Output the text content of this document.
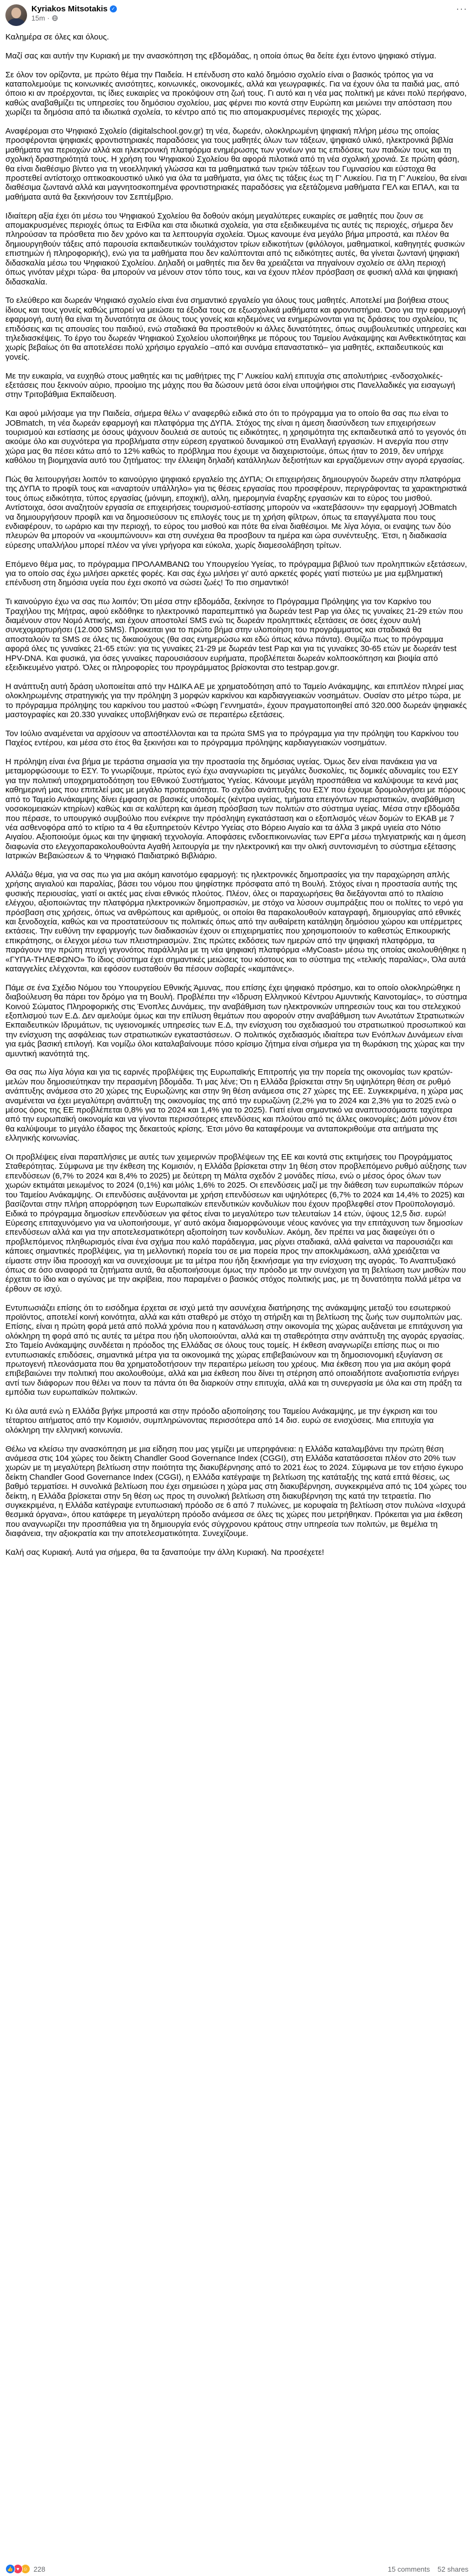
Kyriakos Mitsotakis ✓
15m ·
···

Καλημέρα σε όλες και όλους.

Μαζί σας και αυτήν την Κυριακή με την ανασκόπηση της εβδομάδας, η οποία όπως θα δείτε έχει έντονο ψηφιακό στίγμα.

Σε όλον τον ορίζοντα, με πρώτο θέμα την Παιδεία. Η επένδυση στο καλό δημόσιο σχολείο είναι ο βασικός τρόπος για να καταπολεμούμε τις κοινωνικές ανισότητες, κοινωνικές, οικονομικές, αλλά και γεωγραφικές. Για να έχουν όλα τα παιδιά μας, από όποιο κι αν προέρχονται, τις ίδιες ευκαιρίες να προκόψουν στη ζωή τους. Γι αυτό και η νέα μας πολιτική με κάνει πολύ περήφανο, καθώς αναβαθμίζει τις υπηρεσίες του δημόσιου σχολείου, μας φέρνει πιο κοντά στην Ευρώπη και μειώνει την απόσταση που χωρίζει τα δημόσια από τα ιδιωτικά σχολεία, το κέντρο από τις πιο απομακρυσμένες περιοχές της χώρας.

Αναφέρομαι στο Ψηφιακό Σχολείο (digitalschool.gov.gr) τη νέα, δωρεάν, ολοκληρωμένη ψηφιακή πλήρη μέσω της οποίας προσφέρονται ψηφιακές φροντιστηριακές παραδόσεις για τους μαθητές όλων των τάξεων, ψηφιακό υλικό, ηλεκτρονικά βιβλία μαθήματα για περιοχών αλλά και ηλεκτρονική πλατφόρμα ενημέρωσης των γονέων για τις επιδόσεις των παιδιών τους και τη σχολική δραστηριότητά τους. Η χρήση του Ψηφιακού Σχολείου θα αφορά πιλοτικά από τη νέα σχολική χρονιά. Σε πρώτη φάση, θα είναι διαθέσιμο βίντεο για τη νεοελληνική γλώσσα και τα μαθηματικά των τριών τάξεων του Γυμνασίου και εύστοχα θα προστεθεί αντίστοιχο οπτικοακουστικό υλικό για όλα τα μαθήματα, για όλες τις τάξεις έως τη Γ' Λυκείου. Για τη Γ' Λυκείου, θα είναι διαθέσιμα ζωντανά αλλά και μαγνητοσκοπημένα φροντιστηριακές παραδόσεις για εξετάζομενα μαθήματα ΓΕΛ και ΕΠΑΛ, και τα μαθήματα αυτά θα ξεκινήσουν τον Σεπτέμβριο.

Ιδιαίτερη αξία έχει ότι μέσω του Ψηφιακού Σχολείου θα δοθούν ακόμη μεγαλύτερες ευκαιρίες σε μαθητές που ζουν σε απομακρυσμένες περιοχές όπως τα ΕιΦίλα και στα ιδιωτικά σχολεία, για στα εξειδικευμένα τις αυτές τις περιοχές, σήμερα δεν πληρούσαν τα πρόσθετα πιο δεν χρόνο και τα λεπτουργία σχολεία. Όμως κανουμε ένα μεγάλο βήμα μπροστά, και πλέον θα δημιουργηθούν τάξεις από παρουσία εκπαιδευτικών τουλάχιστον τρίων ειδικοτήτων (φιλόλογοι, μαθηματικοί, καθηγητές φυσικών επιστημών ή πληροφορικής), ενώ για τα μαθήματα που δεν καλύπτονται από τις ειδικότητες αυτές, θα γίνεται ζωντανή ψηφιακή διδασκαλία μέσω του Ψηφιακού Σχολείου. Δηλαδή οι μαθητές πια δεν θα χρειάζεται να πηγαίνουν σχολείο σε άλλη περιοχή όπως γινόταν μέχρι τώρα· θα μπορούν να μένουν στον τόπο τους, και να έχουν πλέον πρόσβαση σε φυσική αλλά και ψηφιακή διδασκαλία.

Το ελεύθερο και δωρεάν Ψηφιακό σχολείο είναι ένα σημαντικό εργαλείο για όλους τους μαθητές. Αποτελεί μια βοήθεια στους ίδιους και τους γονείς καθώς μπορεί να μειώσει τα έξοδα τους σε εξωσχολικά μαθήματα και φροντιστήρια. Όσο για την εφαρμογή εφαρμογή, αυτή θα είναι τη δυνατότητα σε όλους τους γονείς και κηδεμόνες να ενημερώνονται για τις δράσεις του σχολείου, τις επιδόσεις και τις απουσίες του παιδιού, ενώ σταδιακά θα προστεθούν κι άλλες δυνατότητες, όπως συμβουλευτικές υπηρεσίες και τηλεδιασκέψεις. Το έργο του δωρεάν Ψηφιακού Σχολείου υλοποιήθηκε με πόρους του Ταμείου Ανάκαμψης και Ανθεκτικότητας και χωρίς βεβαίως ότι θα αποτελέσει πολύ χρήσιμο εργαλείο –από και συνάμα επαναστατικό– για μαθητές, εκπαιδευτικούς και γονείς.

Με την ευκαιρία, να ευχηθώ στους μαθητές και τις μαθήτριες της Γ' Λυκείου καλή επιτυχία στις απολυτήριες -ενδοσχολικές- εξετάσεις που ξεκινούν αύριο, προοίμιο της μάχης που θα δώσουν μετά όσοι είναι υποψήφιοι στις Πανελλαδικές για εισαγωγή στην Τριτοβάθμια Εκπαίδευση.

Και αφού μιλήσαμε για την Παιδεία, σήμερα θέλω ν' αναφερθώ ειδικά στο ότι το πρόγραμμα για το οποίο θα σας πω είναι το JOBmatch, τη νέα δωρεάν εφαρμογή και πλατφόρμα της ΔΥΠΑ. Στόχος της είναι η άμεση διασύνδεση των επιχειρήσεων τουρισμού και εστίασης με όσους ψάχνουν δουλειά σε αυτούς τις ειδικότητες, η χρησιμότητα της εκπαιδευτικά από το γεγονός ότι ακούμε όλο και συχνότερα για προβλήματα στην εύρεση εργατικού δυναμικού στη Εναλλαγή εργασιών. Η ανεργία που στην χώρα μας θα πέσει κάτω από το 12% καθώς το πρόβλημα που έχουμε να διαχειριστούμε, όπως ήταν το 2019, δεν υπήρχε καθόλου τη βιομηχανία αυτό του ζητήματος: την έλλειψη δηλαδή κατάλληλων δεξιοτήτων και εργαζόμενων στην αγορά εργασίας.

Πώς θα λειτουργήσει λοιπόν το καινούργιο ψηφιακό εργαλείο της ΔΥΠΑ; Οι επιχειρήσεις δημιουργούν δωρεάν στην πλατφόρμα της ΔΥΠΑ το προφίλ τους και «αναρτούν υπάλληλο» για τις θέσεις εργασίας που προσφέρουν, περιγράφοντας τα χαρακτηριστικά τους όπως ειδικότητα, τύπος εργασίας (μόνιμη, εποχική), αλλη, ημερομηνία έναρξης εργασιών και το εύρος του μισθού. Αντίστοιχα, όσοι αναζητούν εργασία σε επιχειρήσεις τουρισμού-εστίασης μπορούν να «κατεβάσουν» την εφαρμογή JOBmatch να δημιουργήσουν προφίλ και να δημοσιεύσουν τις επιλογές τους με τη χρήση φίλτρων, όπως τα επαγγέλματα που τους ενδιαφέρουν, το ωράριο και την περιοχή, το εύρος του μισθού και πότε θα είναι διαθέσιμοι. Με λίγα λόγια, οι εναψης των δύο πλευρών θα μπορούν να «κουμπώνουν» και στη συνέχεια θα προσβουν τα ημέρα και ώρα συνέντευξης. Έτσι, η διαδικασία εύρεσης υπαλλήλου μπορεί πλέον να γίνει γρήγορα και εύκολα, χωρίς διαμεσολάβηση τρίτων.

Επόμενο θέμα μας, το πρόγραμμα ΠΡΟΛΑΜΒΑΝΩ του Υπουργείου Υγείας, το πρόγραμμα βιβλιού των προληπτικών εξετάσεων, για το οποίο σας έχω μιλήσει αρκετές φορές. Και σας έχω μιλήσει γι' αυτό αρκετές φορές γιατί πιστεύω με μια εμβληματική επένδυση στη δημόσια υγεία που έχει σκοπό να σώσει ζωές! Το πιο σημαντικό!

Τι καινούργιο έχω να σας πω λοιπόν; Ότι μέσα στην εβδομάδα, ξεκίνησε το Πρόγραμμα Πρόληψης για τον Καρκίνο του Τραχήλου της Μήτρας, αφού εκδόθηκε το ηλεκτρονικό παραπεμπτικό για δωρεάν test Pap για όλες τις γυναίκες 21-29 ετών που διαμένουν στον Νομό Αττικής, και έχουν αποστολεί SMS ενώ τις δωρεάν προληπτικές εξετάσεις σε όσες έχουν αυλή συνεχομαρτυρήσει (12.000 SMS). Προκειται για το πρώτο βήμα στην υλοποίηση του προγράμματος και σταδιακά θα αποσταλούν τα SMS σε όλες τις δικαιούχους (θα σας ενημερώσω και εδώ όπως κάνω πάντα). Θυμίζω πως το πρόγραμμα αφορά όλες τις γυναίκες 21-65 ετών: για τις γυναίκες 21-29 με δωρεάν test Pap και για τις γυναίκες 30-65 ετών με δωρεάν test HPV-DNA. Και φυσικά, για όσες γυναίκες παρουσιάσουν ευρήματα, προβλέπεται δωρεάν κολποσκόπηση και βιοψία από εξειδικευμένο γιατρό. Όλες οι πληροφορίες του προγράμματος βρίσκονται στο testpap.gov.gr.

Η ανάπτυξη αυτή δράση υλοποιείται από την ΗΔΙΚΑ ΑΕ με χρηματοδότηση από το Ταμείο Ανάκαμψης, και επιπλέον πληρεί μιας ολοκληρωμένης στρατηγικής για την πρόληψη 3 μορφών καρκίνου και καρδιαγγειακών νοσημάτων. Ουσίαν στο μέτρο τώρα, με το πρόγραμμα πρόληψης του καρκίνου του μαστού «Φώφη Γεννηματά», έχουν πραγματοποιηθεί από 320.000 δωρεάν ψηφιακές μαστογραφίες και 20.330 γυναίκες υποβλήθηκαν ενώ σε περαιτέρω εξετάσεις.

Τον Ιούλιο αναμένεται να αρχίσουν να αποστέλλονται και τα πρώτα SMS για το πρόγραμμα για την πρόληψη του Καρκίνου του Παχέος εντέρου, και μέσα στο έτος θα ξεκινήσει και το πρόγραμμα πρόληψης καρδιαγγειακών νοσημάτων.

Η πρόληψη είναι ένα βήμα με τεράστια σημασία για την προστασία της δημόσιας υγείας. Όμως δεν είναι πανάκεια για να μεταμορφώσουμε το ΕΣΥ. Το γνωρίζουμε, πρώτος εγώ έχω αναγνωρίσει τις μεγάλες δυσκολίες, τις δομικές αδυναμίες του ΕΣΥ για την πολιτική υποχρηματοδότηση του Εθνικού Συστήματος Υγείας. Κάνουμε μεγάλη προσπάθεια να καλύψουμε τα κενά μας καθημερινή μας που επιτελεί μας με μεγάλο προτεραιότητα. Το σχέδιο ανάπτυξης του ΕΣΥ που έχουμε δρομολογήσει με πόρους από το Ταμείο Ανάκαμψης δίνει έμφαση σε βασικές υποδομές (κέντρα υγείας, τμήματα επειγόντων περιστατικών, αναβάθμιση νοσοκομειακών κτηρίων) καθώς και σε καλύτερη και άμεση πρόσβαση των πολιτών στο σύστημα υγείας. Μέσα στην εβδομάδα που πέρασε, το υπουργικό συμβούλιο που ενέκρινε την πρόσληψη εγκατάσταση και ο εξοπλισμός νέων δομών το ΕΚΑΒ με 7 νέα ασθενοφόρα από το κτίριο τα 4 θα εξυπηρετούν Κέντρο Υγείας στο Βόρειο Αιγαίο και τα άλλα 3 μικρά υγιεία στο Νότιο Αιγαίου. Αξιοποιούμε όμως και την ψηφιακή τεχνολογία. Αποφάσεις ενδοεπικοινωνίας των ΕΡΓα μέσω τηλεγιατρικής και η άμεση διαφωνία στο ελεγχοπαρακολουθούντα Αγαθή λειτουργία με την ηλεκτρονική και την ολική συντονισμένη το σύστημα εξέτασης Ιατρικών Βεβαιώσεων & το Ψηφιακό Παιδιατρικό Βιβλιάριο.

Αλλάζω θέμα, για να σας πω για μια ακόμη καινοτόμο εφαρμογή: τις ηλεκτρονικές δημοπρασίες για την παραχώρηση απλής χρήσης αιγιαλού και παραλίας, βάσει του νόμου που ψηφίστηκε πρόσφατα από τη Βουλή. Στόχος είναι η προστασία αυτής της φυσικής περιουσίας, γιατί οι ακτές μας είναι εθνικός πλούτος. Πλέον, όλες οι παραχωρήσεις θα διεξάγονται από το πλαίσιο ελέγχου, αξιοποιώντας την πλατφόρμα ηλεκτρονικών δημοπρασιών, με στόχο να λύσουν συμπράξεις που οι πολίτες το νερό για πρόσβαση στις χρήσεις, όπως να ανθρώπους και αριθμούς, οι οποίοι θα παρακολουθούν καταγραφή, δημιουργίας από εθνικές και ξενοδοχεία, καθώς και να προστατεύσουν τις πολιτικές όπως από την αυθαίρετη κατάληψη δημόσιου χώρου και υπέρμετρες εκτάσεις. Την ευθύνη την εφαρμογής των διαδικασιών έχουν οι επιχειρηματίες που χρησιμοποιούν το καθεστώς Επικουρικής επικράτησης, οι έλεγχοι μέσω των πλειστηριασμών. Στις πρώτες εκδόσεις των ημερών από την ψηφιακή πλατφόρμα, τα παράγουν την πρώτη πτυχή γεγονότος παράλληλα με τη νέα ψηφιακή πλατφόρμα «MyCoast» μέσω της οποίας ακολουθήθηκε η «ΓΥΠΑ-ΤΗΛΕΦΩΝΟ» Το ίδιος σύστημα έχει σημαντικές μειώσεις του κόστους και το σύστημα της «τελικής παραλίας», Όλα αυτά καταγγελίες ελέγχονται, και εφόσον ευσταθούν θα πέσουν σοβαρές «καμπάνες».

Πάμε σε ένα Σχέδιο Νόμου του Υπουργείου Εθνικής Άμυνας, που επίσης έχει ψηφιακό πρόσημο, και το οποίο ολοκληρώθηκε η διαβούλευση θα πάρει τον δρόμο για τη Βουλή. Προβλέπει την «Ίδρυση Ελληνικού Κέντρου Αμυντικής Καινοτομίας», το σύστημα Κοινού Σώματος Πληροφορικής στις Ένοπλες Δυνάμεις, την αναβάθμιση των ηλεκτρονικών υπηρεσιών τους και του στελεχικού εξοπλισμού των Ε.Δ. Δεν αμελούμε όμως και την επίλυση θεμάτων που αφορούν στην αναβάθμιση των Ανωτάτων Στρατιωτικών Εκπαιδευτικών Ιδρυμάτων, τις υγειονομικές υπηρεσίες των Ε.Δ, την ενίσχυση του σχεδιασμού του στρατιωτικού προσωπικού και την ενίσχυση της ασφάλειας των στρατιωτικών εγκαταστάσεων. Ο πολιτικός σχεδιασμός ιδιαίτερα των Ενόπλων Δυνάμεων είναι για εμάς βασική επιλογή. Και νομίζω όλοι καταλαβαίνουμε πόσο κρίσιμο ζήτημα είναι σήμερα για τη θωράκιση της χώρας και την αμυντική ικανότητά της.

Θα σας πω λίγα λόγια και για τις εαρινές προβλέψεις της Ευρωπαϊκής Επιτροπής για την πορεία της οικονομίας των κρατών-μελών που δημοσιεύτηκαν την περασμένη βδομάδα. Τι μας λένε; Ότι η Ελλάδα βρίσκεται στην 5η υψηλότερη θέση σε ρυθμό ανάπτυξης ανάμεσα στο 20 χώρες της Ευρωζώνης και στην 9η θέση ανάμεσα στις 27 χώρες της ΕΕ. Συγκεκριμένα, η χώρα μας αναμένεται να έχει μεγαλύτερη ανάπτυξη της οικονομίας της από την ευρωζώνη (2,2% για το 2024 και 2,3% για το 2025 ενώ ο μέσος όρος της ΕΕ προβλέπεται 0,8% για το 2024 και 1,4% για το 2025). Γιατί είναι σημαντικό να αναπτυσσόμαστε ταχύτερα από την ευρωπαϊκή οικονομία και να γίνονται περισσότερες επενδύσεις και πλούτου από τις άλλες οικονομίες; Διότι μόνον έτσι θα καλύψουμε το μεγάλο έδαφος της δεκαετούς κρίσης. Έτσι μόνο θα καταφέρουμε να ανταποκριθούμε στα αιτήματα της ελληνικής κοινωνίας.

Οι προβλέψεις είναι παραπλήσιες με αυτές των χειμερινών προβλέψεων της ΕΕ και κοντά στις εκτιμήσεις του Προγράμματος Σταθερότητας. Σύμφωνα με την έκθεση της Κομισιόν, η Ελλάδα βρίσκεται στην 1η θέση στον προβλεπόμενο ρυθμό αύξησης των επενδύσεων (6,7% το 2024 και 8,4% το 2025) με δεύτερη τη Μάλτα σχεδόν 2 μονάδες πίσω, ενώ ο μέσος όρος όλων των χωρών εκτιμάται μειωμένος το 2024 (0,1%) και μόλις 1,6% το 2025. Οι επενδύσεις μαζί με την διάθεση των ευρωπαϊκών πόρων του Ταμείου Ανάκαμψης. Οι επενδύσεις αυξάνονται με χρήση επενδύσεων και υψηλότερες (6,7% το 2024 και 14,4% το 2025) και βασίζονται στην πλήρη απορρόφηση των Ευρωπαϊκών επενδυτικών κονδυλίων που έχουν προβλεφθεί στον Προϋπολογισμό. Ειδικά το πρόγραμμα δημοσίων επενδύσεων για φέτος είναι το μεγαλύτερο των τελευταίων 14 ετών, ύψους 12,5 δισ. ευρώ! Εύρεσης επιταχυνόμενο για να υλοποιήσουμε, γι' αυτό ακόμα διαμορφώνουμε νέους κανόνες για την επιτάχυνση των δημοσίων επενδύσεων αλλά και για την αποτελεσματικότερη αξιοποίηση των κονδυλίων. Ακόμη, δεν πρέπει να μας διαφεύγει ότι ο προβλεπόμενος πληθωρισμός είναι ένα σχήμα που καλό παράδειγμα, μας ρίχνει σταδιακά, αλλά φαίνεται να παρουσιάζει και κάποιες σημαντικές προβλέψεις, για τη μελλοντική πορεία του σε μια πορεία προς την αποκλιμάκωση, αλλά χρειάζεται να είμαστε στην ίδια προσοχή και να συνεχίσουμε με τα μέτρα που ήδη ξεκινήσαμε για την ενίσχυση της αγοράς. Το Αναπτυξιακό όπως σε όσο αναφορά τα ζητήματα αυτά, θα αξιοποιήσουμε όμως την πρόοδο με την συνέχιση για τη βελτίωση των μισθών που έρχεται το ίδιο και ο αγώνας με την ακρίβεια, που παραμένει ο βασικός στόχος πολιτικής μας, με τη δυνατότητα πολλά μέτρα να έρθουν σε ισχύ.

Εντυπωσιάζει επίσης ότι το εισόδημα έρχεται σε ισχύ μετά την ασυνέχεια διατήρησης της ανάκαμψης μεταξύ του εσωτερικού προϊόντος, αποτελεί κοινή κοινότητα, αλλά και κάτι σταθερό με στόχο τη στήριξη και τη βελτίωση της ζωής των συμπολιτών μας. Επίσης, είναι η πρώτη φορά μετά από πολλά χρόνια που η κατανάλωση στην οικονομία της χώρας αυξάνεται με επιτάχυνση για ολόκληρη τη φορά από τις αυτές τα μέτρα που ήδη υλοποιούνται, αλλά και τη σταθερότητα στην ανάπτυξη της αγοράς εργασίας. Στο Ταμείο Ανάκαμψης συνδέεται η πρόοδος της Ελλάδας σε όλους τους τομείς. Η έκθεση αναγνωρίζει επίσης πως οι πιο εντυπωσιακές επιδόσεις, σημαντικά μέτρα για τα οικονομικά της χώρας επιβεβαιώνουν και τη δημοσιονομική εξυγίανση σε πρωτογενή πλεονάσματα που θα χρηματοδοτήσουν την περαιτέρω μείωση του χρέους. Μια έκθεση που για μια ακόμη φορά επιβεβαιώνει την πολιτική που ακολουθούμε, αλλά και μια έκθεση που δίνει τη στέρηση από οποιαδήποτε αναξιοπιστία ενήργει αντί των διάφορων που θέλει να πουν τα πάντα ότι θα διαρκούν στην επιτυχία, αλλά και τη συνεργασία με όλα και στη πράξη τα εμπόδια των ευρωπαϊκών πολιτικών.

Κι όλα αυτά ενώ η Ελλάδα βγήκε μπροστά και στην πρόοδο αξιοποίησης του Ταμείου Ανάκαμψης, με την έγκριση και του τέταρτου αιτήματος από την Κομισιόν, συμπληρώνοντας περισσότερα από 14 δισ. ευρώ σε ενισχύσεις. Μια επιτυχία για ολόκληρη την ελληνική κοινωνία.

Θέλω να κλείσω την ανασκόπηση με μια είδηση που μας γεμίζει με υπερηφάνεια: η Ελλάδα καταλαμβάνει την πρώτη θέση ανάμεσα στις 104 χώρες του δείκτη Chandler Good Governance Index (CGGI), στη Ελλάδα κατατάσσεται πλέον στο 20% των χωρών με τη μεγαλύτερη βελτίωση στην ποιότητα της διακυβέρνησης από το 2021 έως το 2024. Σύμφωνα με τον ετήσιο έγκυρο δείκτη Chandler Good Governance Index (CGGI), η Ελλάδα κατέγραψε τη βελτίωση της κατάταξής της κατά επτά θέσεις, ως βαθμό τερματίσει. Η συνολικά βελτίωση που έχει σημειώσει η χώρα μας στη διακυβέρνηση, συγκεκριμένα από τις 104 χώρες του δείκτη, η Ελλάδα βρίσκεται στην 5η θέση ως προς τη συνολική βελτίωση στη διακυβέρνηση της κατά την τετραετία. Πιο συγκεκριμένα, η Ελλάδα κατέγραψε εντυπωσιακή πρόοδο σε 6 από 7 πυλώνες, με κορυφαία τη βελτίωση στον πυλώνα «Ισχυρά θεσμικά όργανα», όπου κατάφερε τη μεγαλύτερη πρόοδο ανάμεσα σε όλες τις χώρες που μετρήθηκαν. Πρόκειται για μια έκθεση που αναγνωρίζει την προσπάθεια για τη δημιουργία ενός σύγχρονου κράτους στην υπηρεσία των πολιτών, με θεμέλια τη διαφάνεια, την αξιοκρατία και την αποτελεσματικότητα. Συνεχίζουμε.

Καλή σας Κυριακή. Αυτά για σήμερα, θα τα ξαναπούμε την άλλη Κυριακή. Να προσέχετε!

👍 ♥ ☺ 228	15 comments 52 shares
